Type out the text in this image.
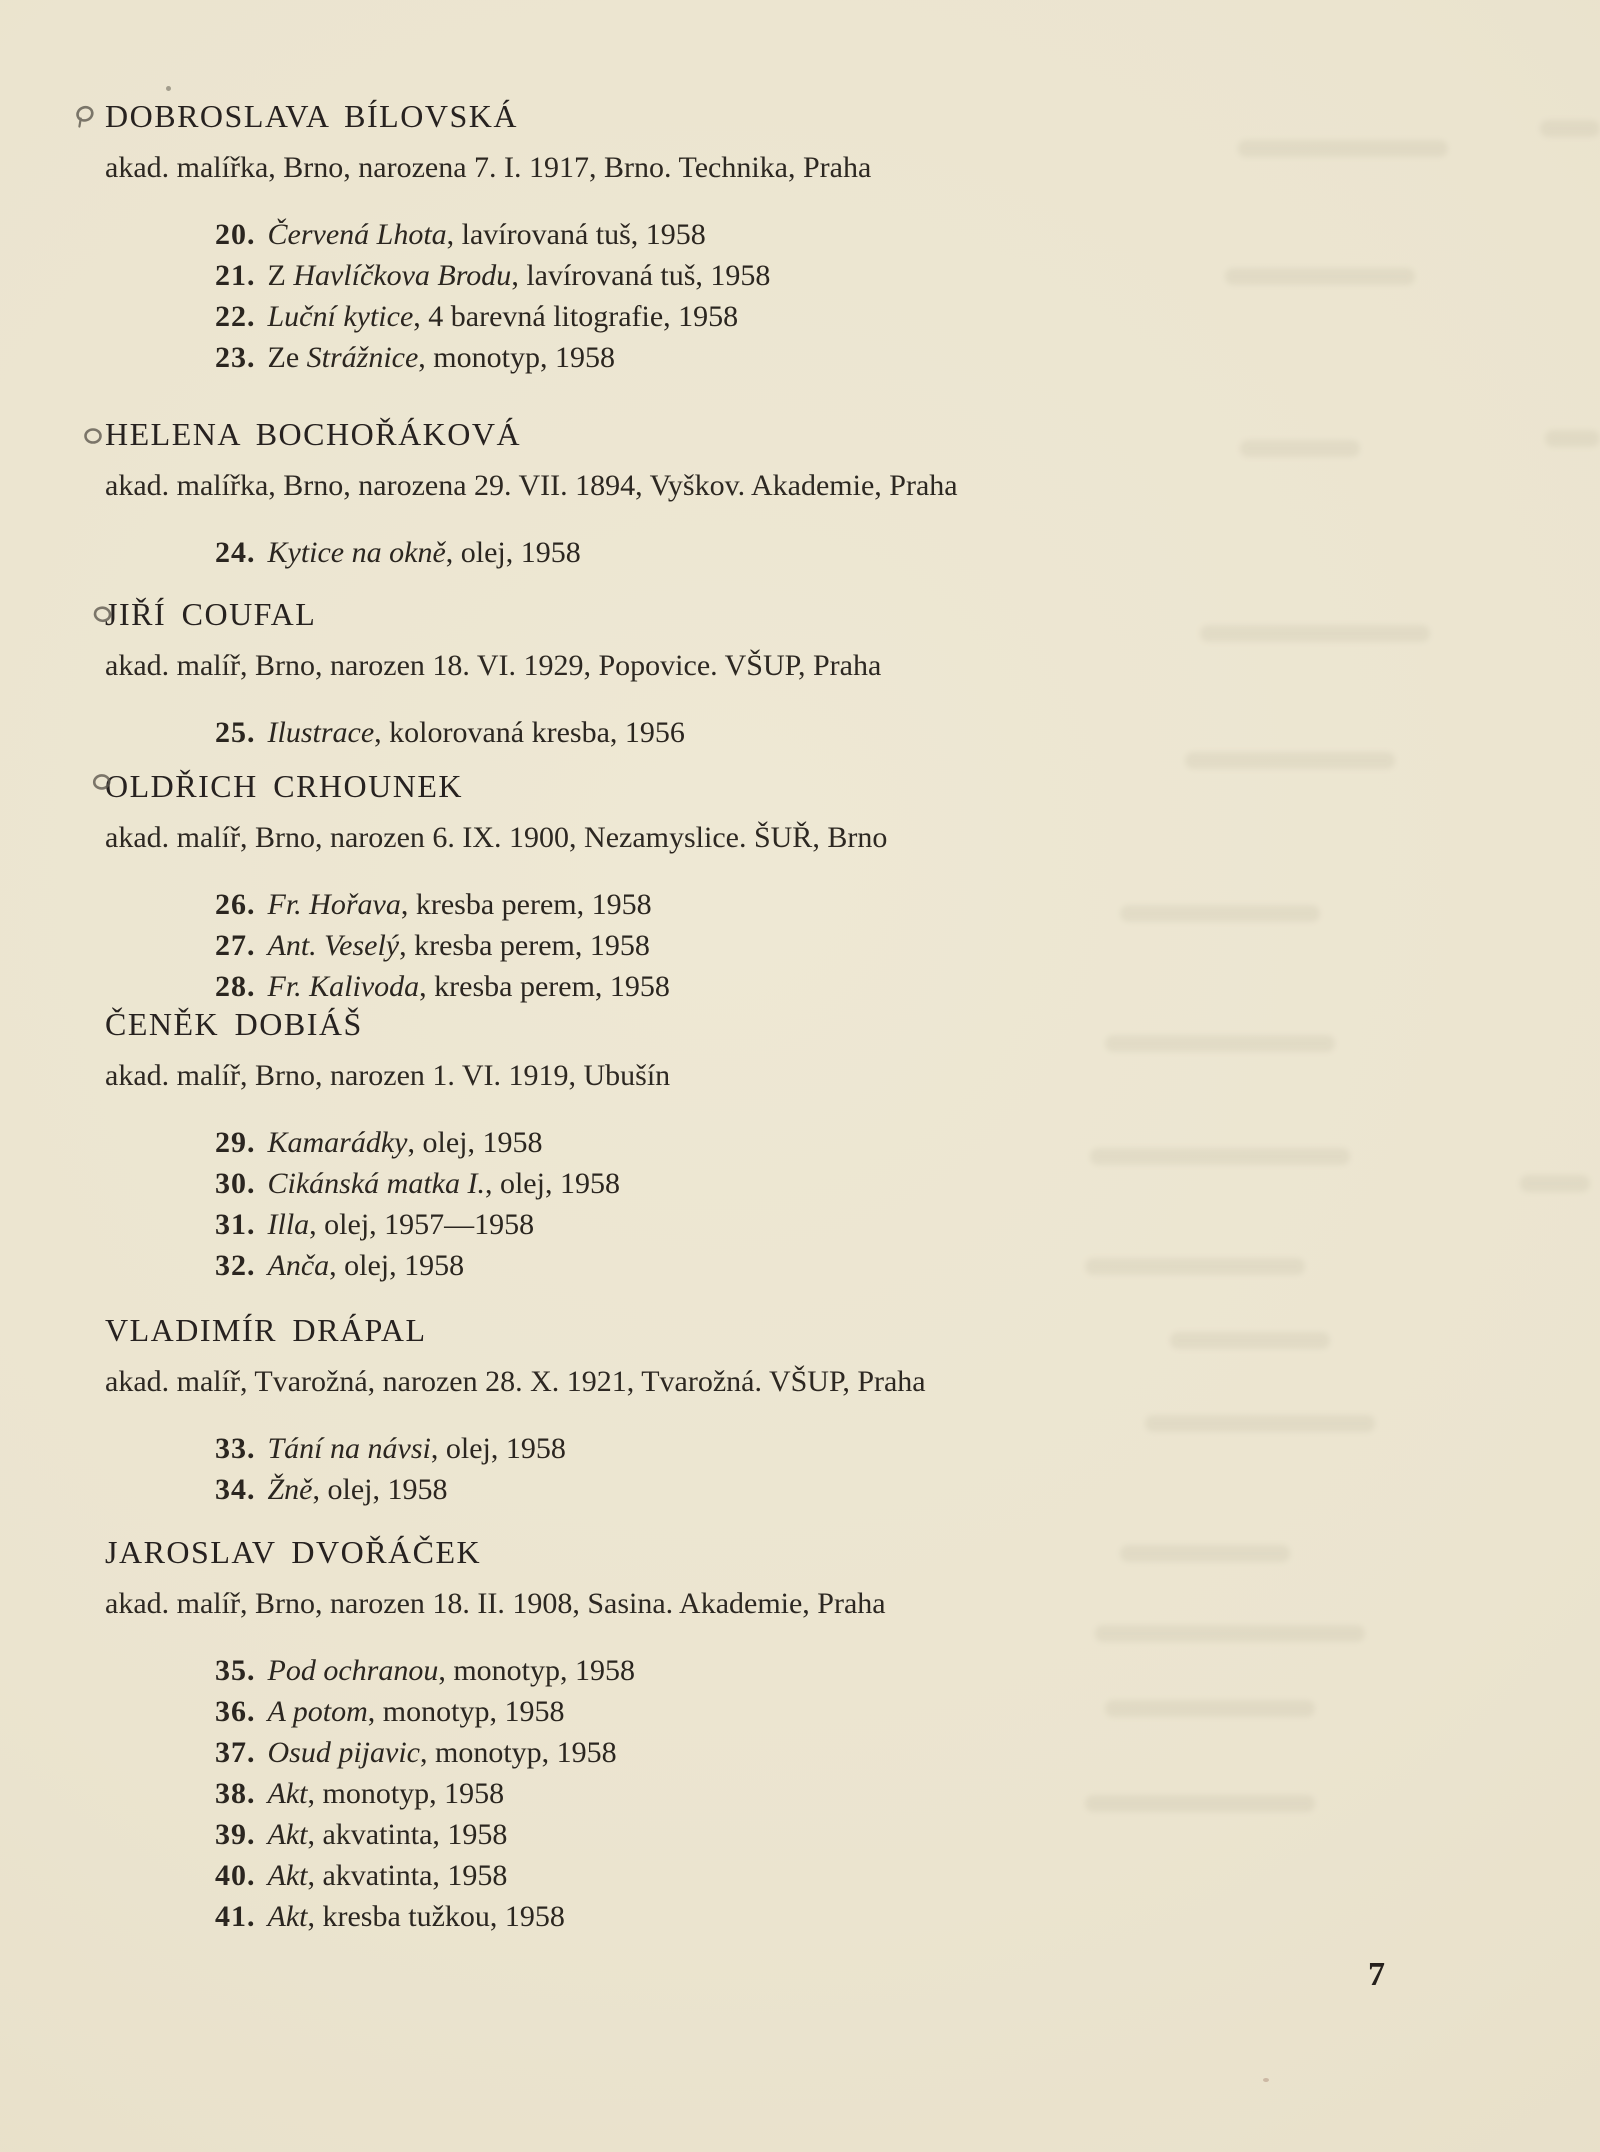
DOBROSLAVA BÍLOVSKÁ

akad. malířka, Brno, narozena 7. I. 1917, Brno. Technika, Praha

20. Červená Lhota, lavírovaná tuš, 1958
21. Z Havlíčkova Brodu, lavírovaná tuš, 1958
22. Luční kytice, 4 barevná litografie, 1958
23. Ze Strážnice, monotyp, 1958
HELENA BOCHOŘÁKOVÁ

akad. malířka, Brno, narozena 29. VII. 1894, Vyškov. Akademie, Praha

24. Kytice na okně, olej, 1958
JIŘÍ COUFAL

akad. malíř, Brno, narozen 18. VI. 1929, Popovice. VŠUP, Praha

25. Ilustrace, kolorovaná kresba, 1956
OLDŘICH CRHOUNEK

akad. malíř, Brno, narozen 6. IX. 1900, Nezamyslice. ŠUŘ, Brno

26. Fr. Hořava, kresba perem, 1958
27. Ant. Veselý, kresba perem, 1958
28. Fr. Kalivoda, kresba perem, 1958
ČENĚK DOBIÁŠ

akad. malíř, Brno, narozen 1. VI. 1919, Ubušín

29. Kamarádky, olej, 1958
30. Cikánská matka I., olej, 1958
31. Illa, olej, 1957—1958
32. Anča, olej, 1958
VLADIMÍR DRÁPAL

akad. malíř, Tvarožná, narozen 28. X. 1921, Tvarožná. VŠUP, Praha

33. Tání na návsi, olej, 1958
34. Žně, olej, 1958
JAROSLAV DVOŘÁČEK

akad. malíř, Brno, narozen 18. II. 1908, Sasina. Akademie, Praha

35. Pod ochranou, monotyp, 1958
36. A potom, monotyp, 1958
37. Osud pijavic, monotyp, 1958
38. Akt, monotyp, 1958
39. Akt, akvatinta, 1958
40. Akt, akvatinta, 1958
41. Akt, kresba tužkou, 1958
7
